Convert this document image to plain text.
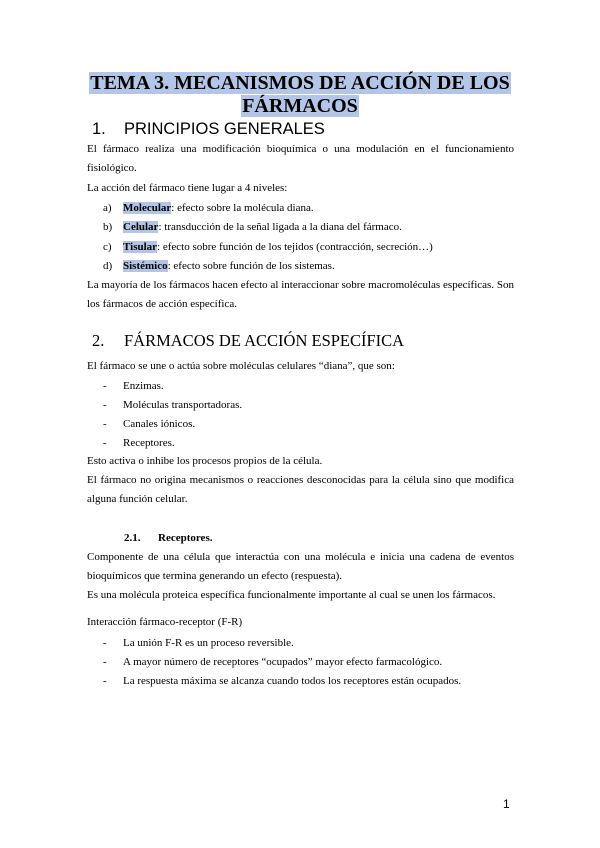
TEMA 3. MECANISMOS DE ACCIÓN DE LOS
FÁRMACOS
1. PRINCIPIOS GENERALES
El fármaco realiza una modificación bioquímica o una modulación en el funcionamiento fisiológico.
La acción del fármaco tiene lugar a 4 niveles:
a) Molecular: efecto sobre la molécula diana.
b) Celular: transducción de la señal ligada a la diana del fármaco.
c) Tisular: efecto sobre función de los tejidos (contracción, secreción…)
d) Sistémico: efecto sobre función de los sistemas.
La mayoría de los fármacos hacen efecto al interaccionar sobre macromoléculas específicas. Son los fármacos de acción específica.
2. FÁRMACOS DE ACCIÓN ESPECÍFICA
El fármaco se une o actúa sobre moléculas celulares “diana”, que son:
- Enzimas.
- Moléculas transportadoras.
- Canales iónicos.
- Receptores.
Esto activa o inhibe los procesos propios de la célula.
El fármaco no origina mecanismos o reacciones desconocidas para la célula sino que modifica alguna función celular.
2.1. Receptores.
Componente de una célula que interactúa con una molécula e inicia una cadena de eventos bioquímicos que termina generando un efecto (respuesta).
Es una molécula proteica específica funcionalmente importante al cual se unen los fármacos.
Interacción fármaco-receptor (F-R)
- La unión F-R es un proceso reversible.
- A mayor número de receptores “ocupados” mayor efecto farmacológico.
- La respuesta máxima se alcanza cuando todos los receptores están ocupados.
1
